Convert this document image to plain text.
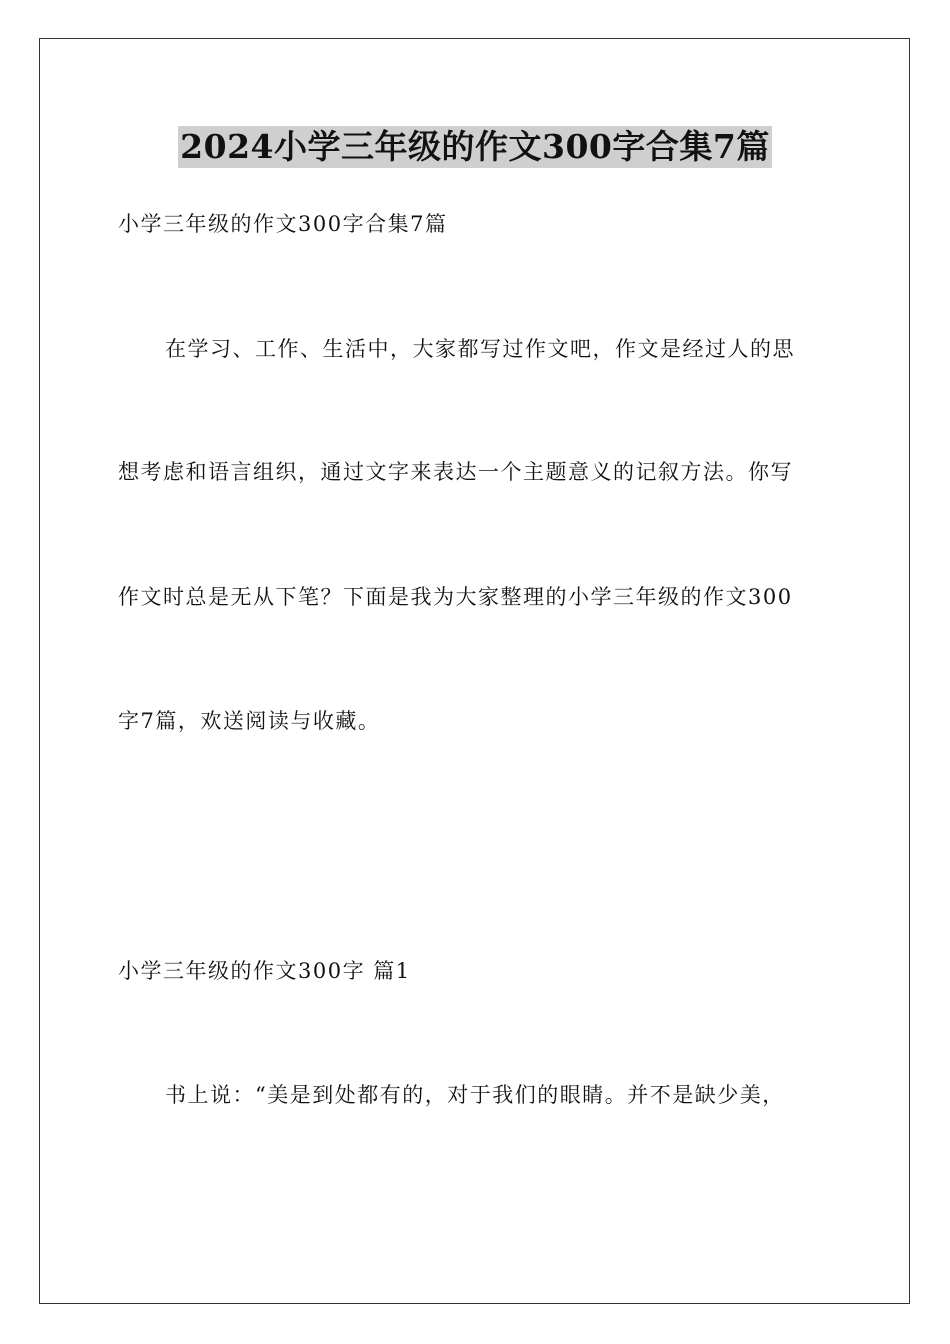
2024小学三年级的作文300字合集7篇
小学三年级的作文300字合集7篇
在学习、工作、生活中，大家都写过作文吧，作文是经过人的思
想考虑和语言组织，通过文字来表达一个主题意义的记叙方法。你写
作文时总是无从下笔？下面是我为大家整理的小学三年级的作文300
字7篇，欢送阅读与收藏。
小学三年级的作文300字 篇1
书上说：“美是到处都有的，对于我们的眼睛。并不是缺少美，
